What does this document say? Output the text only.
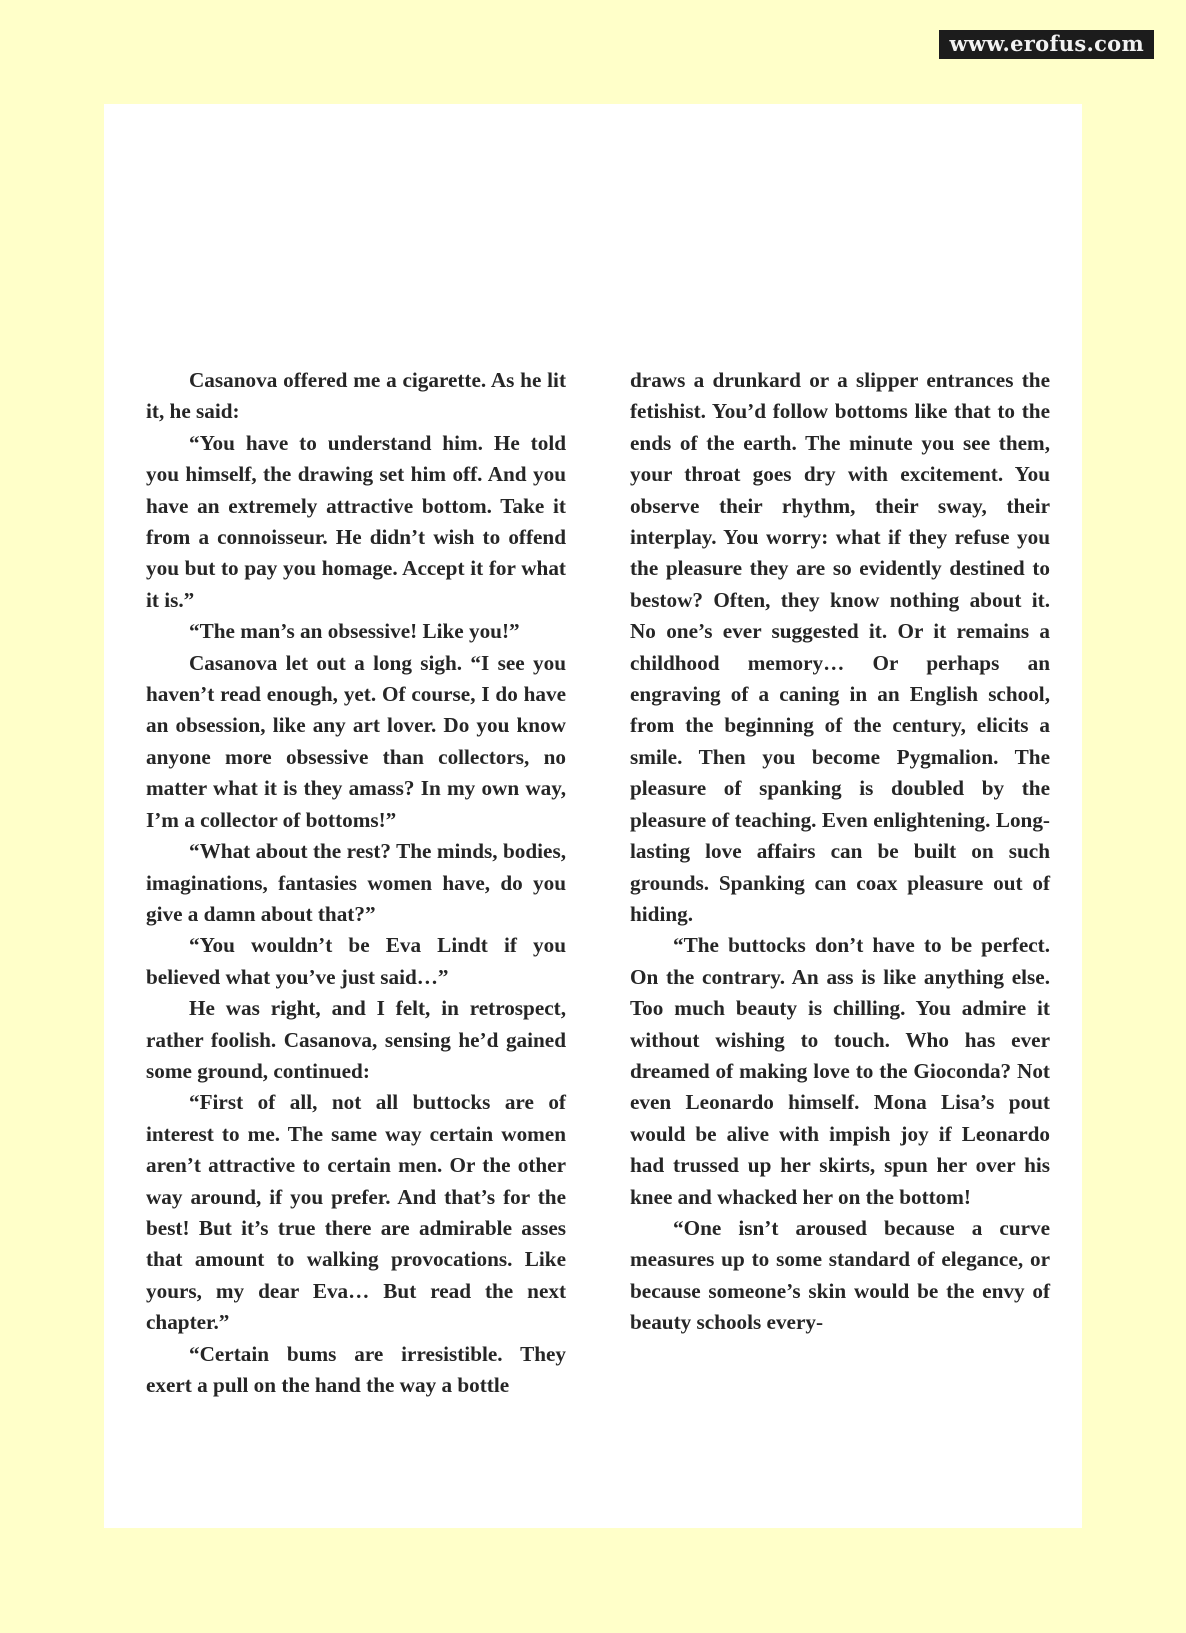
www.erofus.com

Casanova offered me a cigarette. As he lit it, he said:

“You have to understand him. He told you himself, the drawing set him off. And you have an extremely attractive bottom. Take it from a connoisseur. He didn’t wish to offend you but to pay you homage. Accept it for what it is.”

“The man’s an obsessive! Like you!”

Casanova let out a long sigh. “I see you haven’t read enough, yet. Of course, I do have an obsession, like any art lover. Do you know anyone more obsessive than collectors, no matter what it is they amass? In my own way, I’m a collector of bottoms!”

“What about the rest? The minds, bodies, imaginations, fantasies women have, do you give a damn about that?”

“You wouldn’t be Eva Lindt if you believed what you’ve just said…”

He was right, and I felt, in retrospect, rather foolish. Casanova, sensing he’d gained some ground, continued:

“First of all, not all buttocks are of interest to me. The same way certain women aren’t attractive to certain men. Or the other way around, if you prefer. And that’s for the best! But it’s true there are admirable asses that amount to walking provocations. Like yours, my dear Eva… But read the next chapter.”

“Certain bums are irresistible. They exert a pull on the hand the way a bottle

draws a drunkard or a slipper entrances the fetishist. You’d follow bottoms like that to the ends of the earth. The minute you see them, your throat goes dry with excitement. You observe their rhythm, their sway, their interplay. You worry: what if they refuse you the pleasure they are so evidently destined to bestow? Often, they know nothing about it. No one’s ever suggested it. Or it remains a childhood memory… Or perhaps an engraving of a caning in an English school, from the beginning of the century, elicits a smile. Then you become Pygmalion. The pleasure of spanking is doubled by the pleasure of teaching. Even enlightening. Long-lasting love affairs can be built on such grounds. Spanking can coax pleasure out of hiding.

“The buttocks don’t have to be perfect. On the contrary. An ass is like anything else. Too much beauty is chilling. You admire it without wishing to touch. Who has ever dreamed of making love to the Gioconda? Not even Leonardo himself. Mona Lisa’s pout would be alive with impish joy if Leonardo had trussed up her skirts, spun her over his knee and whacked her on the bottom!

“One isn’t aroused because a curve measures up to some standard of elegance, or because someone’s skin would be the envy of beauty schools every-
